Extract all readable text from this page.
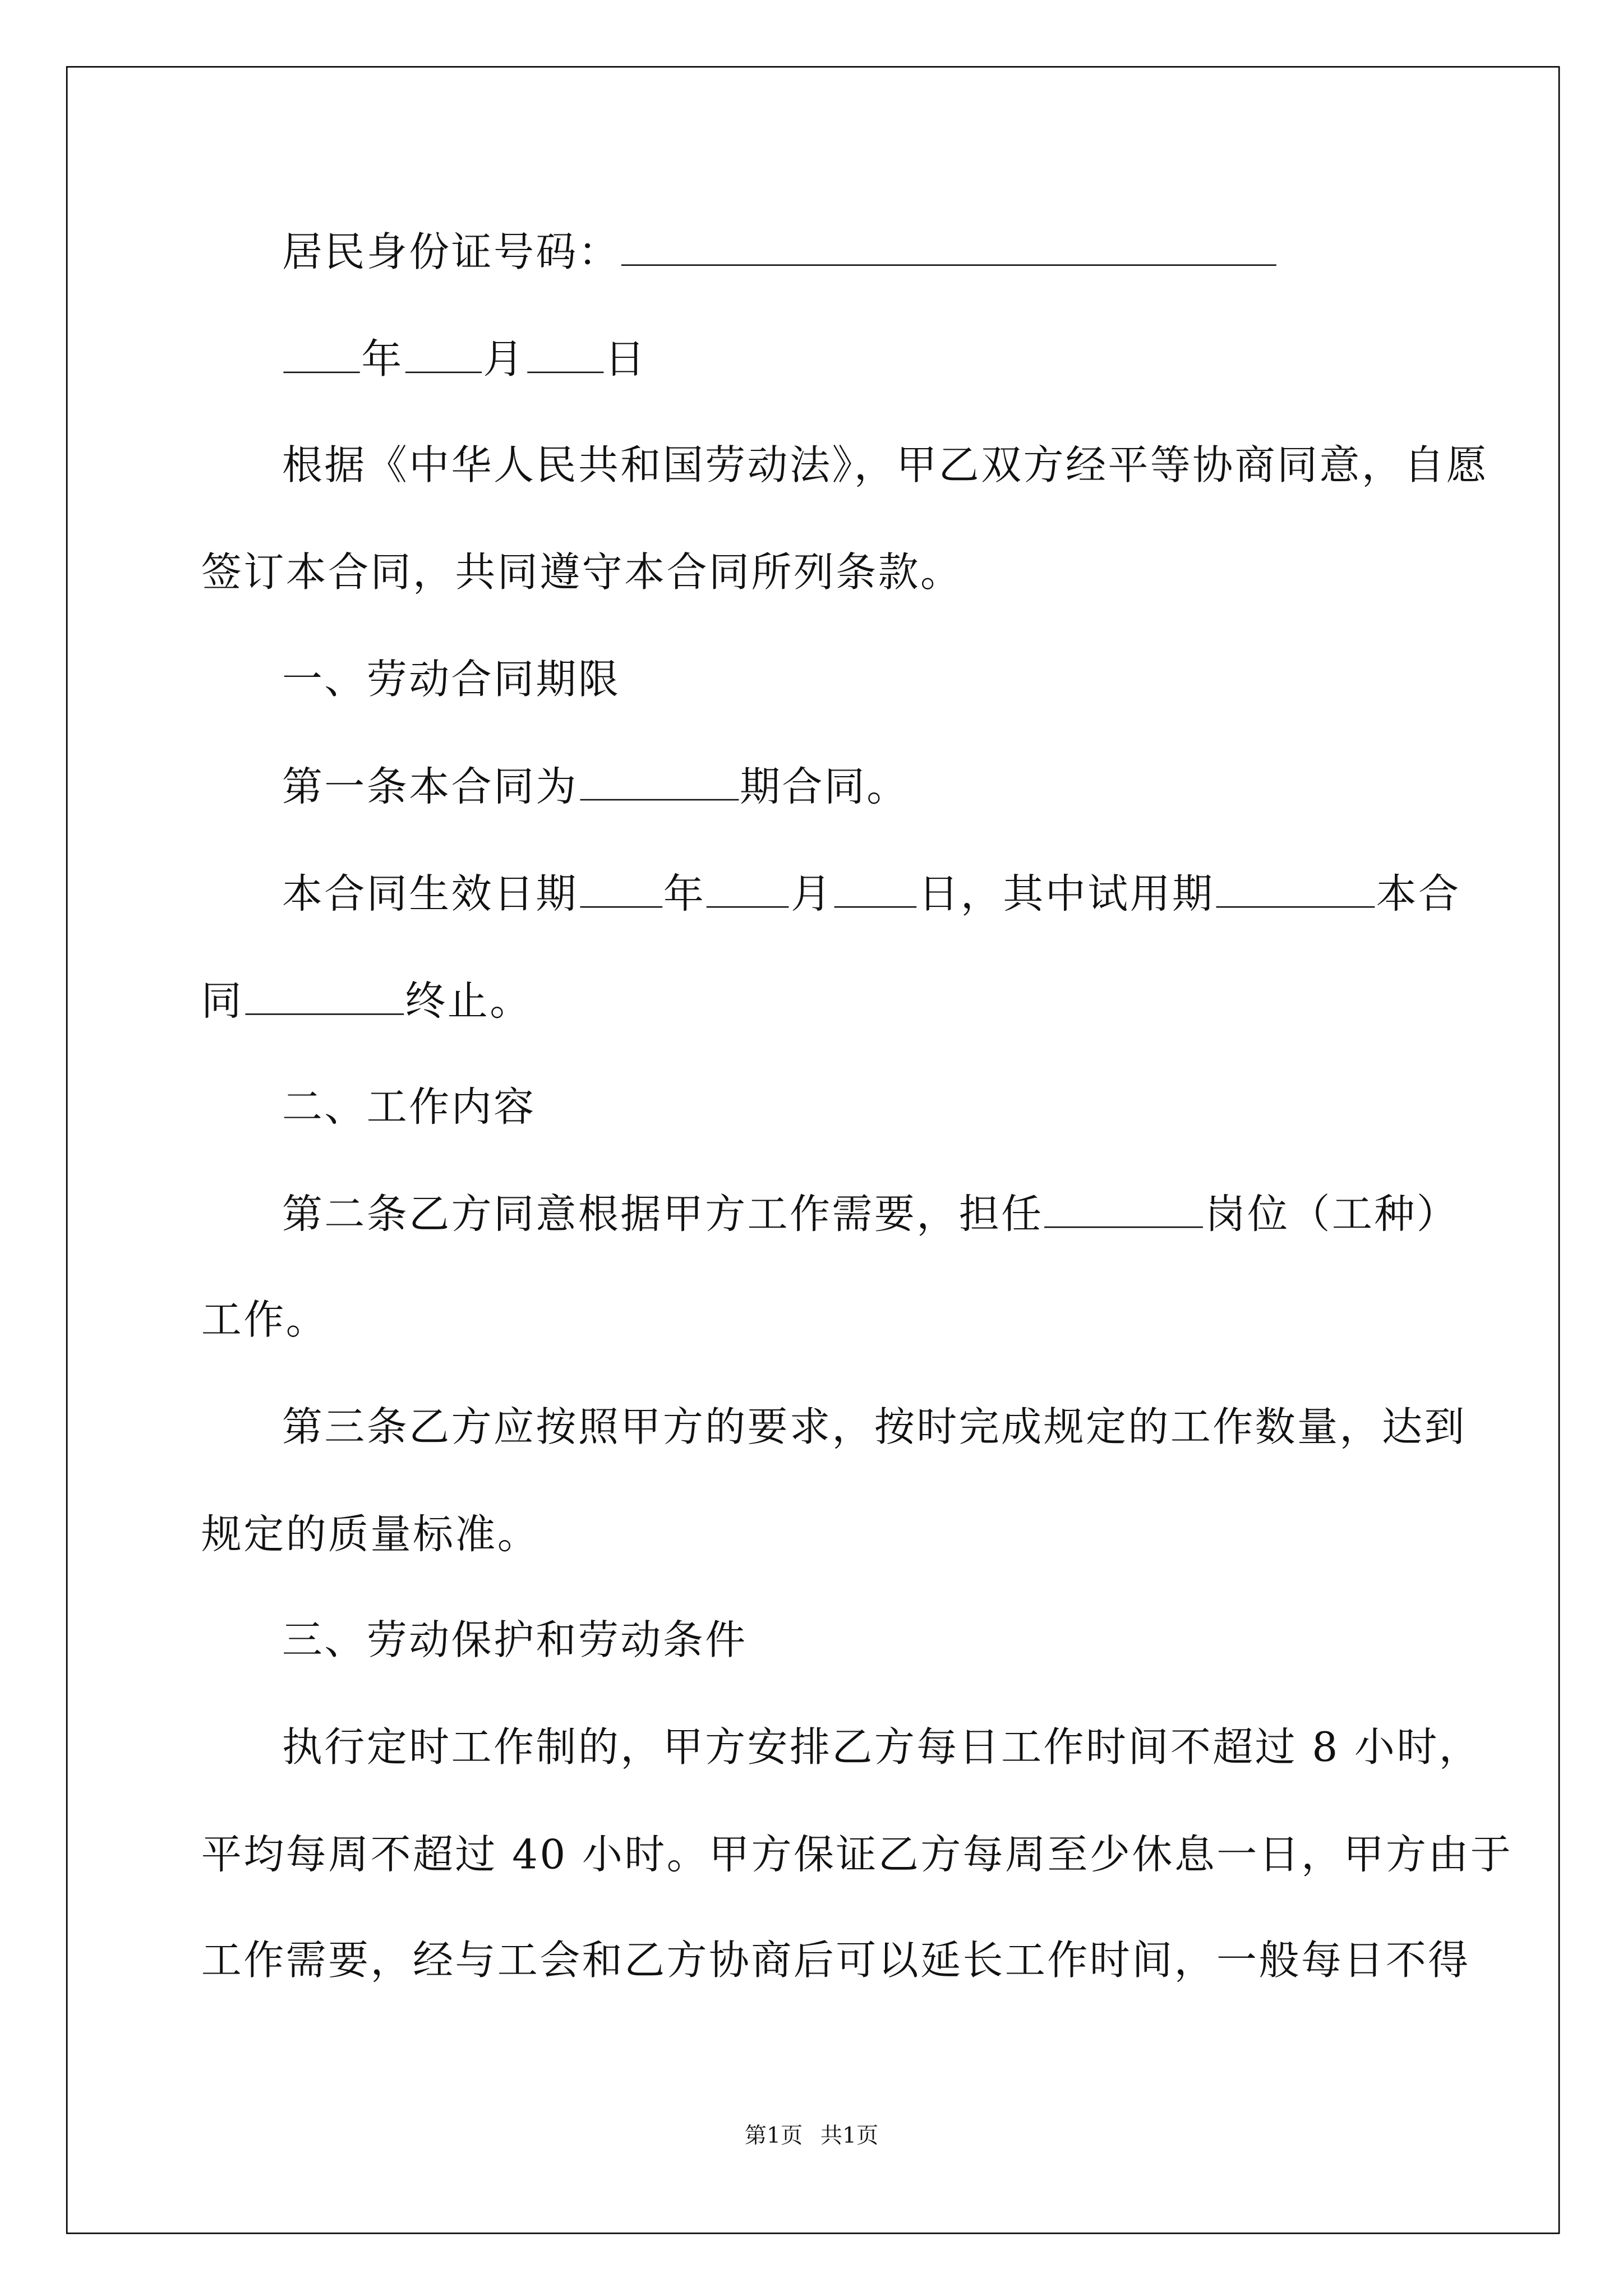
居民身份证号码：
年	月	日
根据《中华人民共和国劳动法》，甲乙双方经平等协商同意，自愿
签订本合同，共同遵守本合同所列条款。
一、劳动合同期限
第一条本合同为	期合同。
本合同生效日期	年	月	日，其中试用期	本合
同	终止。
二、工作内容
第二条乙方同意根据甲方工作需要，担任	岗位（工种）
工作。
第三条乙方应按照甲方的要求，按时完成规定的工作数量，达到
规定的质量标准。
三、劳动保护和劳动条件
执行定时工作制的，甲方安排乙方每日工作时间不超过 8 小时，
平均每周不超过 40 小时。甲方保证乙方每周至少休息一日，甲方由于
工作需要，经与工会和乙方协商后可以延长工作时间，一般每日不得
第1页 共1页
